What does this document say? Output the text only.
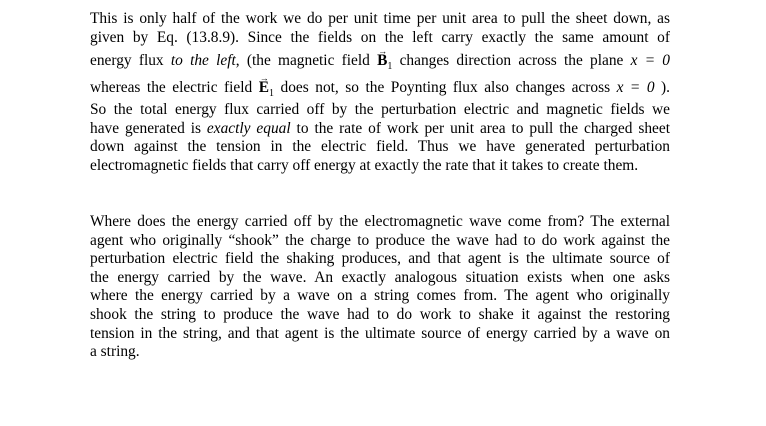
This is only half of the work we do per unit time per unit area to pull the sheet down, as
given by Eq. (13.8.9). Since the fields on the left carry exactly the same amount of
energy flux to the left, (the magnetic field → $B_1$ changes direction across the plane x = 0
whereas the electric field → $E_1$ does not, so the Poynting flux also changes across x = 0 ).
So the total energy flux carried off by the perturbation electric and magnetic fields we
have generated is exactly equal to the rate of work per unit area to pull the charged sheet
down against the tension in the electric field. Thus we have generated perturbation
electromagnetic fields that carry off energy at exactly the rate that it takes to create them.
Where does the energy carried off by the electromagnetic wave come from? The external
agent who originally “shook” the charge to produce the wave had to do work against the
perturbation electric field the shaking produces, and that agent is the ultimate source of
the energy carried by the wave. An exactly analogous situation exists when one asks
where the energy carried by a wave on a string comes from. The agent who originally
shook the string to produce the wave had to do work to shake it against the restoring
tension in the string, and that agent is the ultimate source of energy carried by a wave on
a string.
